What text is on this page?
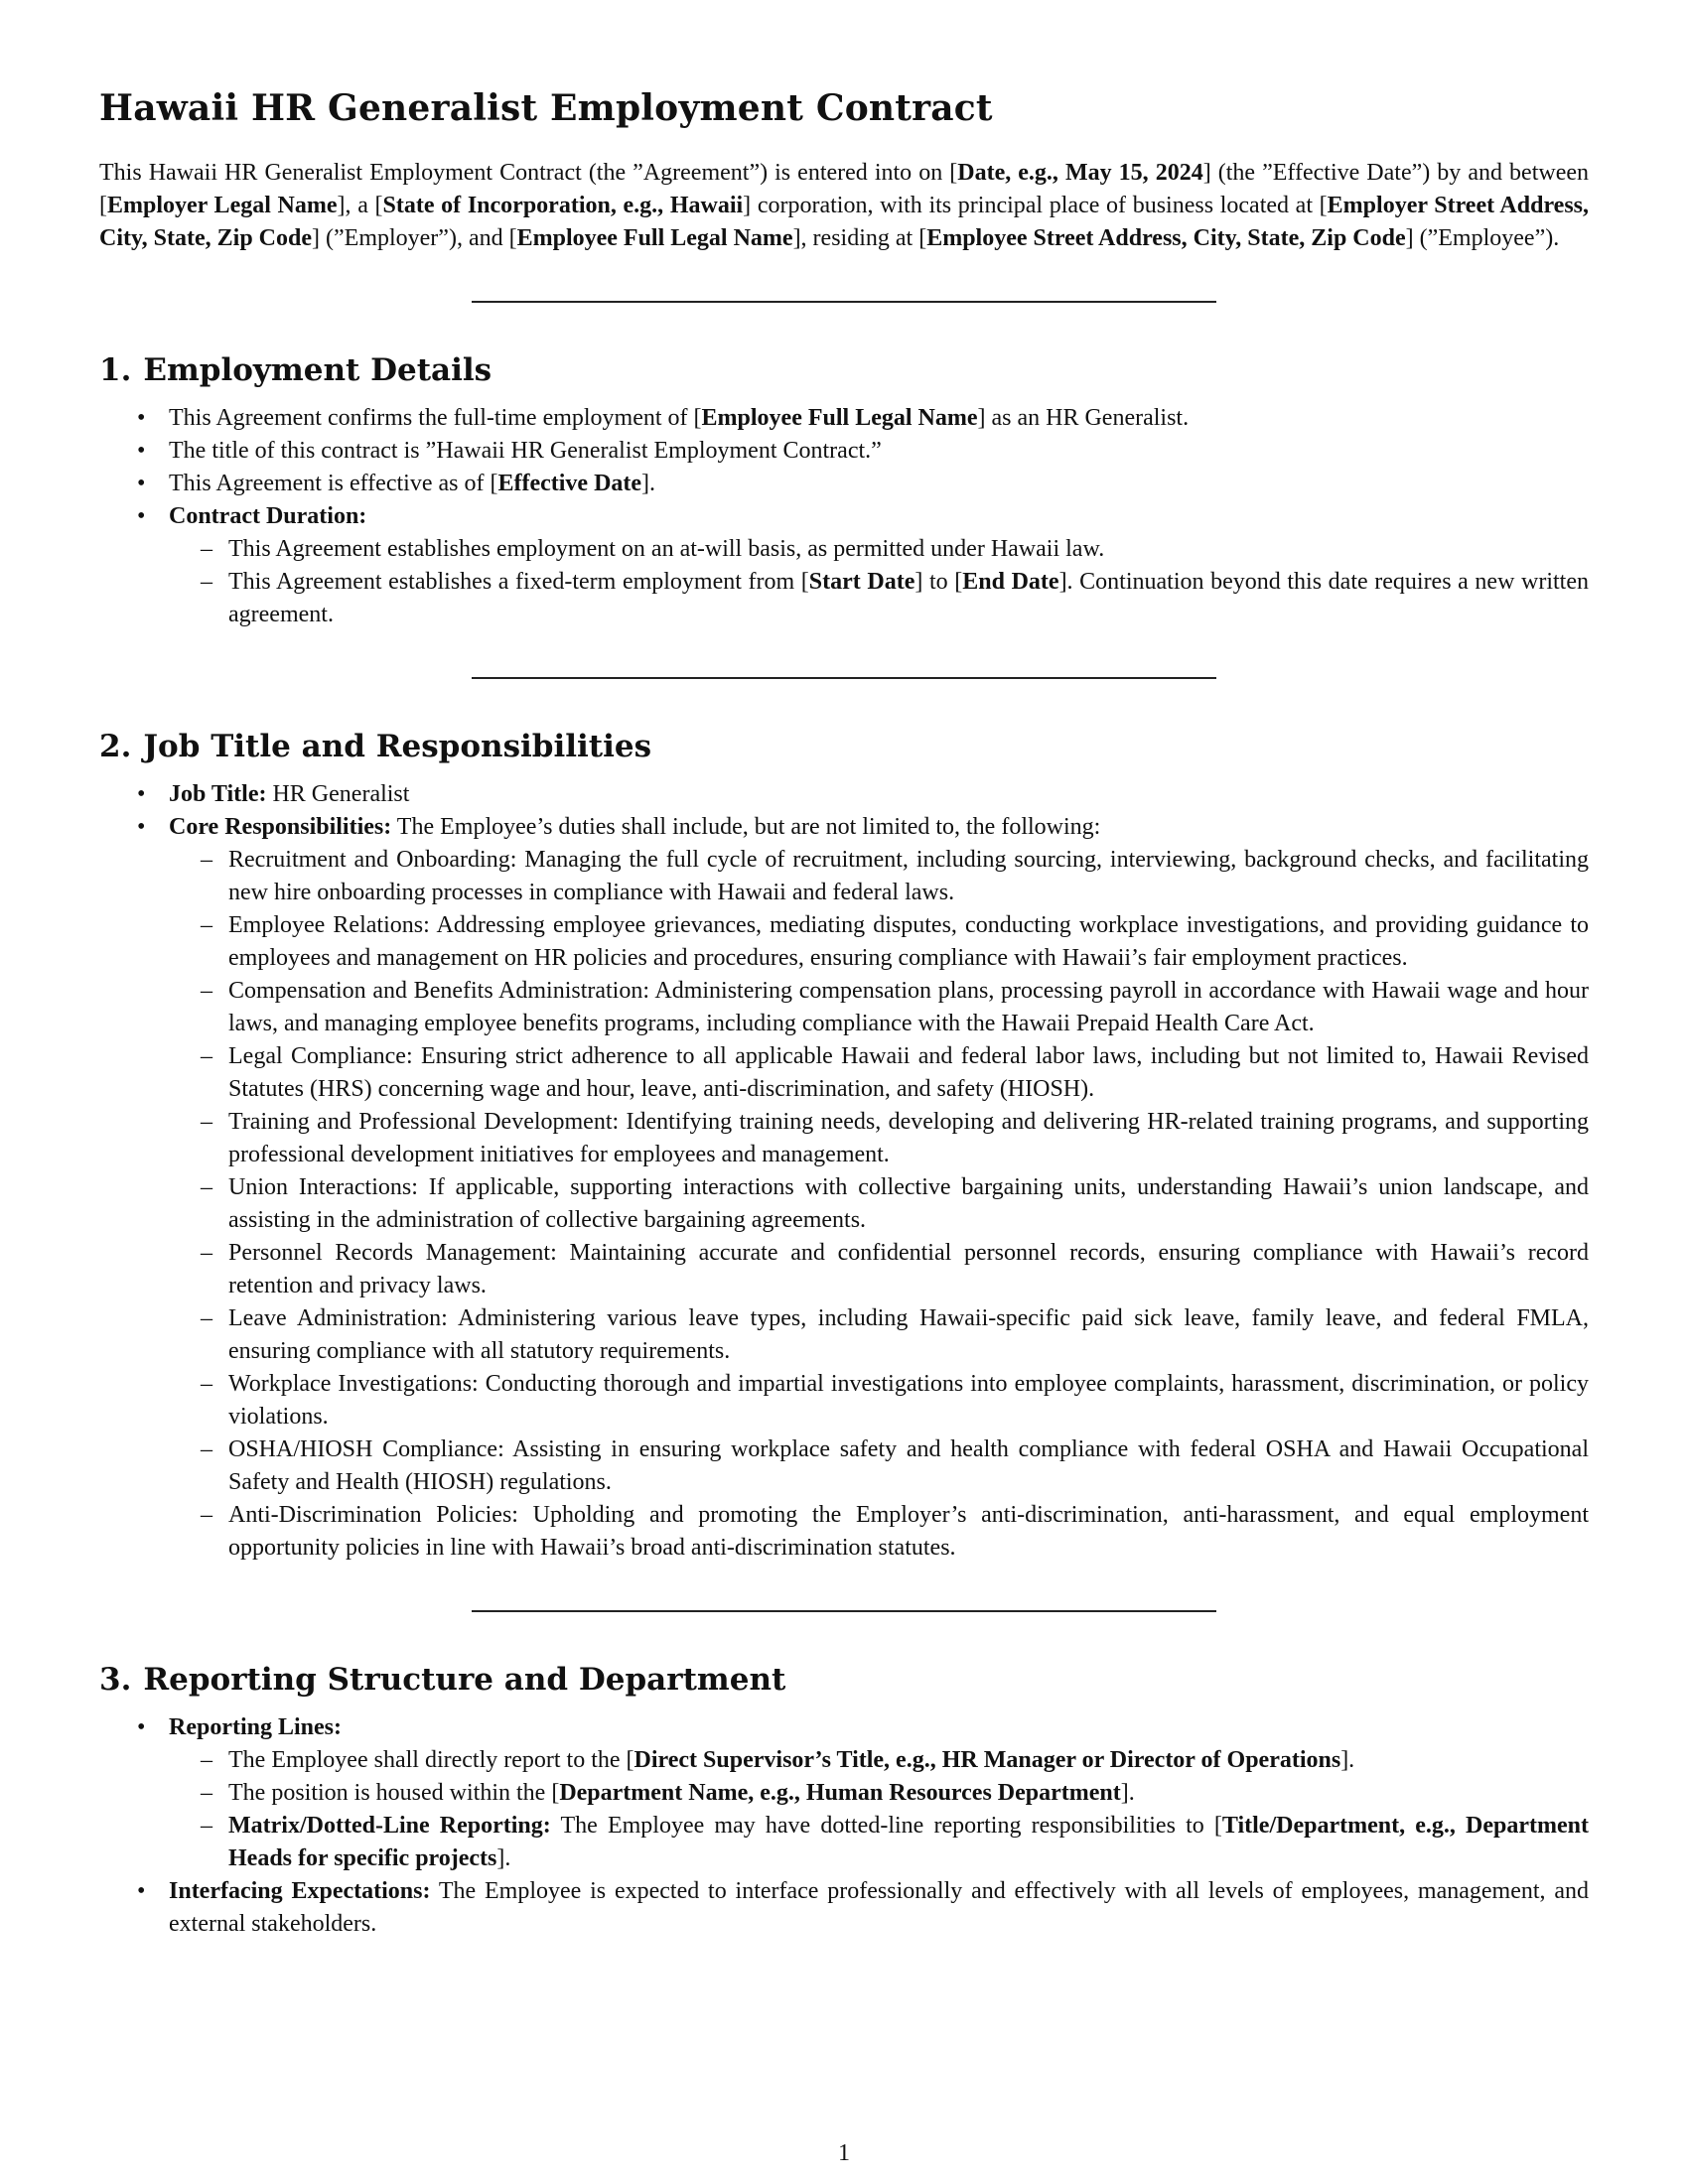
Hawaii HR Generalist Employment Contract

This Hawaii HR Generalist Employment Contract (the ”Agreement”) is entered into on [Date, e.g., May 15, 2024] (the ”Effective Date”) by and between [Employer Legal Name], a [State of Incorporation, e.g., Hawaii] corporation, with its principal place of business located at [Employer Street Address, City, State, Zip Code] (”Employer”), and [Employee Full Legal Name], residing at [Employee Street Address, City, State, Zip Code] (”Employee”).

1. Employment Details
• This Agreement confirms the full-time employment of [Employee Full Legal Name] as an HR Generalist.
• The title of this contract is ”Hawaii HR Generalist Employment Contract.”
• This Agreement is effective as of [Effective Date].
• Contract Duration:
– This Agreement establishes employment on an at-will basis, as permitted under Hawaii law.
– This Agreement establishes a fixed-term employment from [Start Date] to [End Date]. Continuation beyond this date requires a new written agreement.
2. Job Title and Responsibilities
• Job Title: HR Generalist
• Core Responsibilities: The Employee’s duties shall include, but are not limited to, the following:
– Recruitment and Onboarding: Managing the full cycle of recruitment, including sourcing, interviewing, background checks, and facilitating new hire onboarding processes in compliance with Hawaii and federal laws.
– Employee Relations: Addressing employee grievances, mediating disputes, conducting workplace investigations, and providing guidance to employees and management on HR policies and procedures, ensuring compliance with Hawaii’s fair employment practices.
– Compensation and Benefits Administration: Administering compensation plans, processing payroll in accordance with Hawaii wage and hour laws, and managing employee benefits programs, including compliance with the Hawaii Prepaid Health Care Act.
– Legal Compliance: Ensuring strict adherence to all applicable Hawaii and federal labor laws, including but not limited to, Hawaii Revised Statutes (HRS) concerning wage and hour, leave, anti-discrimination, and safety (HIOSH).
– Training and Professional Development: Identifying training needs, developing and delivering HR-related training programs, and supporting professional development initiatives for employees and management.
– Union Interactions: If applicable, supporting interactions with collective bargaining units, understanding Hawaii’s union landscape, and assisting in the administration of collective bargaining agreements.
– Personnel Records Management: Maintaining accurate and confidential personnel records, ensuring compliance with Hawaii’s record retention and privacy laws.
– Leave Administration: Administering various leave types, including Hawaii-specific paid sick leave, family leave, and federal FMLA, ensuring compliance with all statutory requirements.
– Workplace Investigations: Conducting thorough and impartial investigations into employee complaints, harassment, discrimination, or policy violations.
– OSHA/HIOSH Compliance: Assisting in ensuring workplace safety and health compliance with federal OSHA and Hawaii Occupational Safety and Health (HIOSH) regulations.
– Anti-Discrimination Policies: Upholding and promoting the Employer’s anti-discrimination, anti-harassment, and equal employment opportunity policies in line with Hawaii’s broad anti-discrimination statutes.
3. Reporting Structure and Department
• Reporting Lines:
– The Employee shall directly report to the [Direct Supervisor’s Title, e.g., HR Manager or Director of Operations].
– The position is housed within the [Department Name, e.g., Human Resources Department].
– Matrix/Dotted-Line Reporting: The Employee may have dotted-line reporting responsibilities to [Title/Department, e.g., Department Heads for specific projects].
• Interfacing Expectations: The Employee is expected to interface professionally and effectively with all levels of employees, management, and external stakeholders.
1
